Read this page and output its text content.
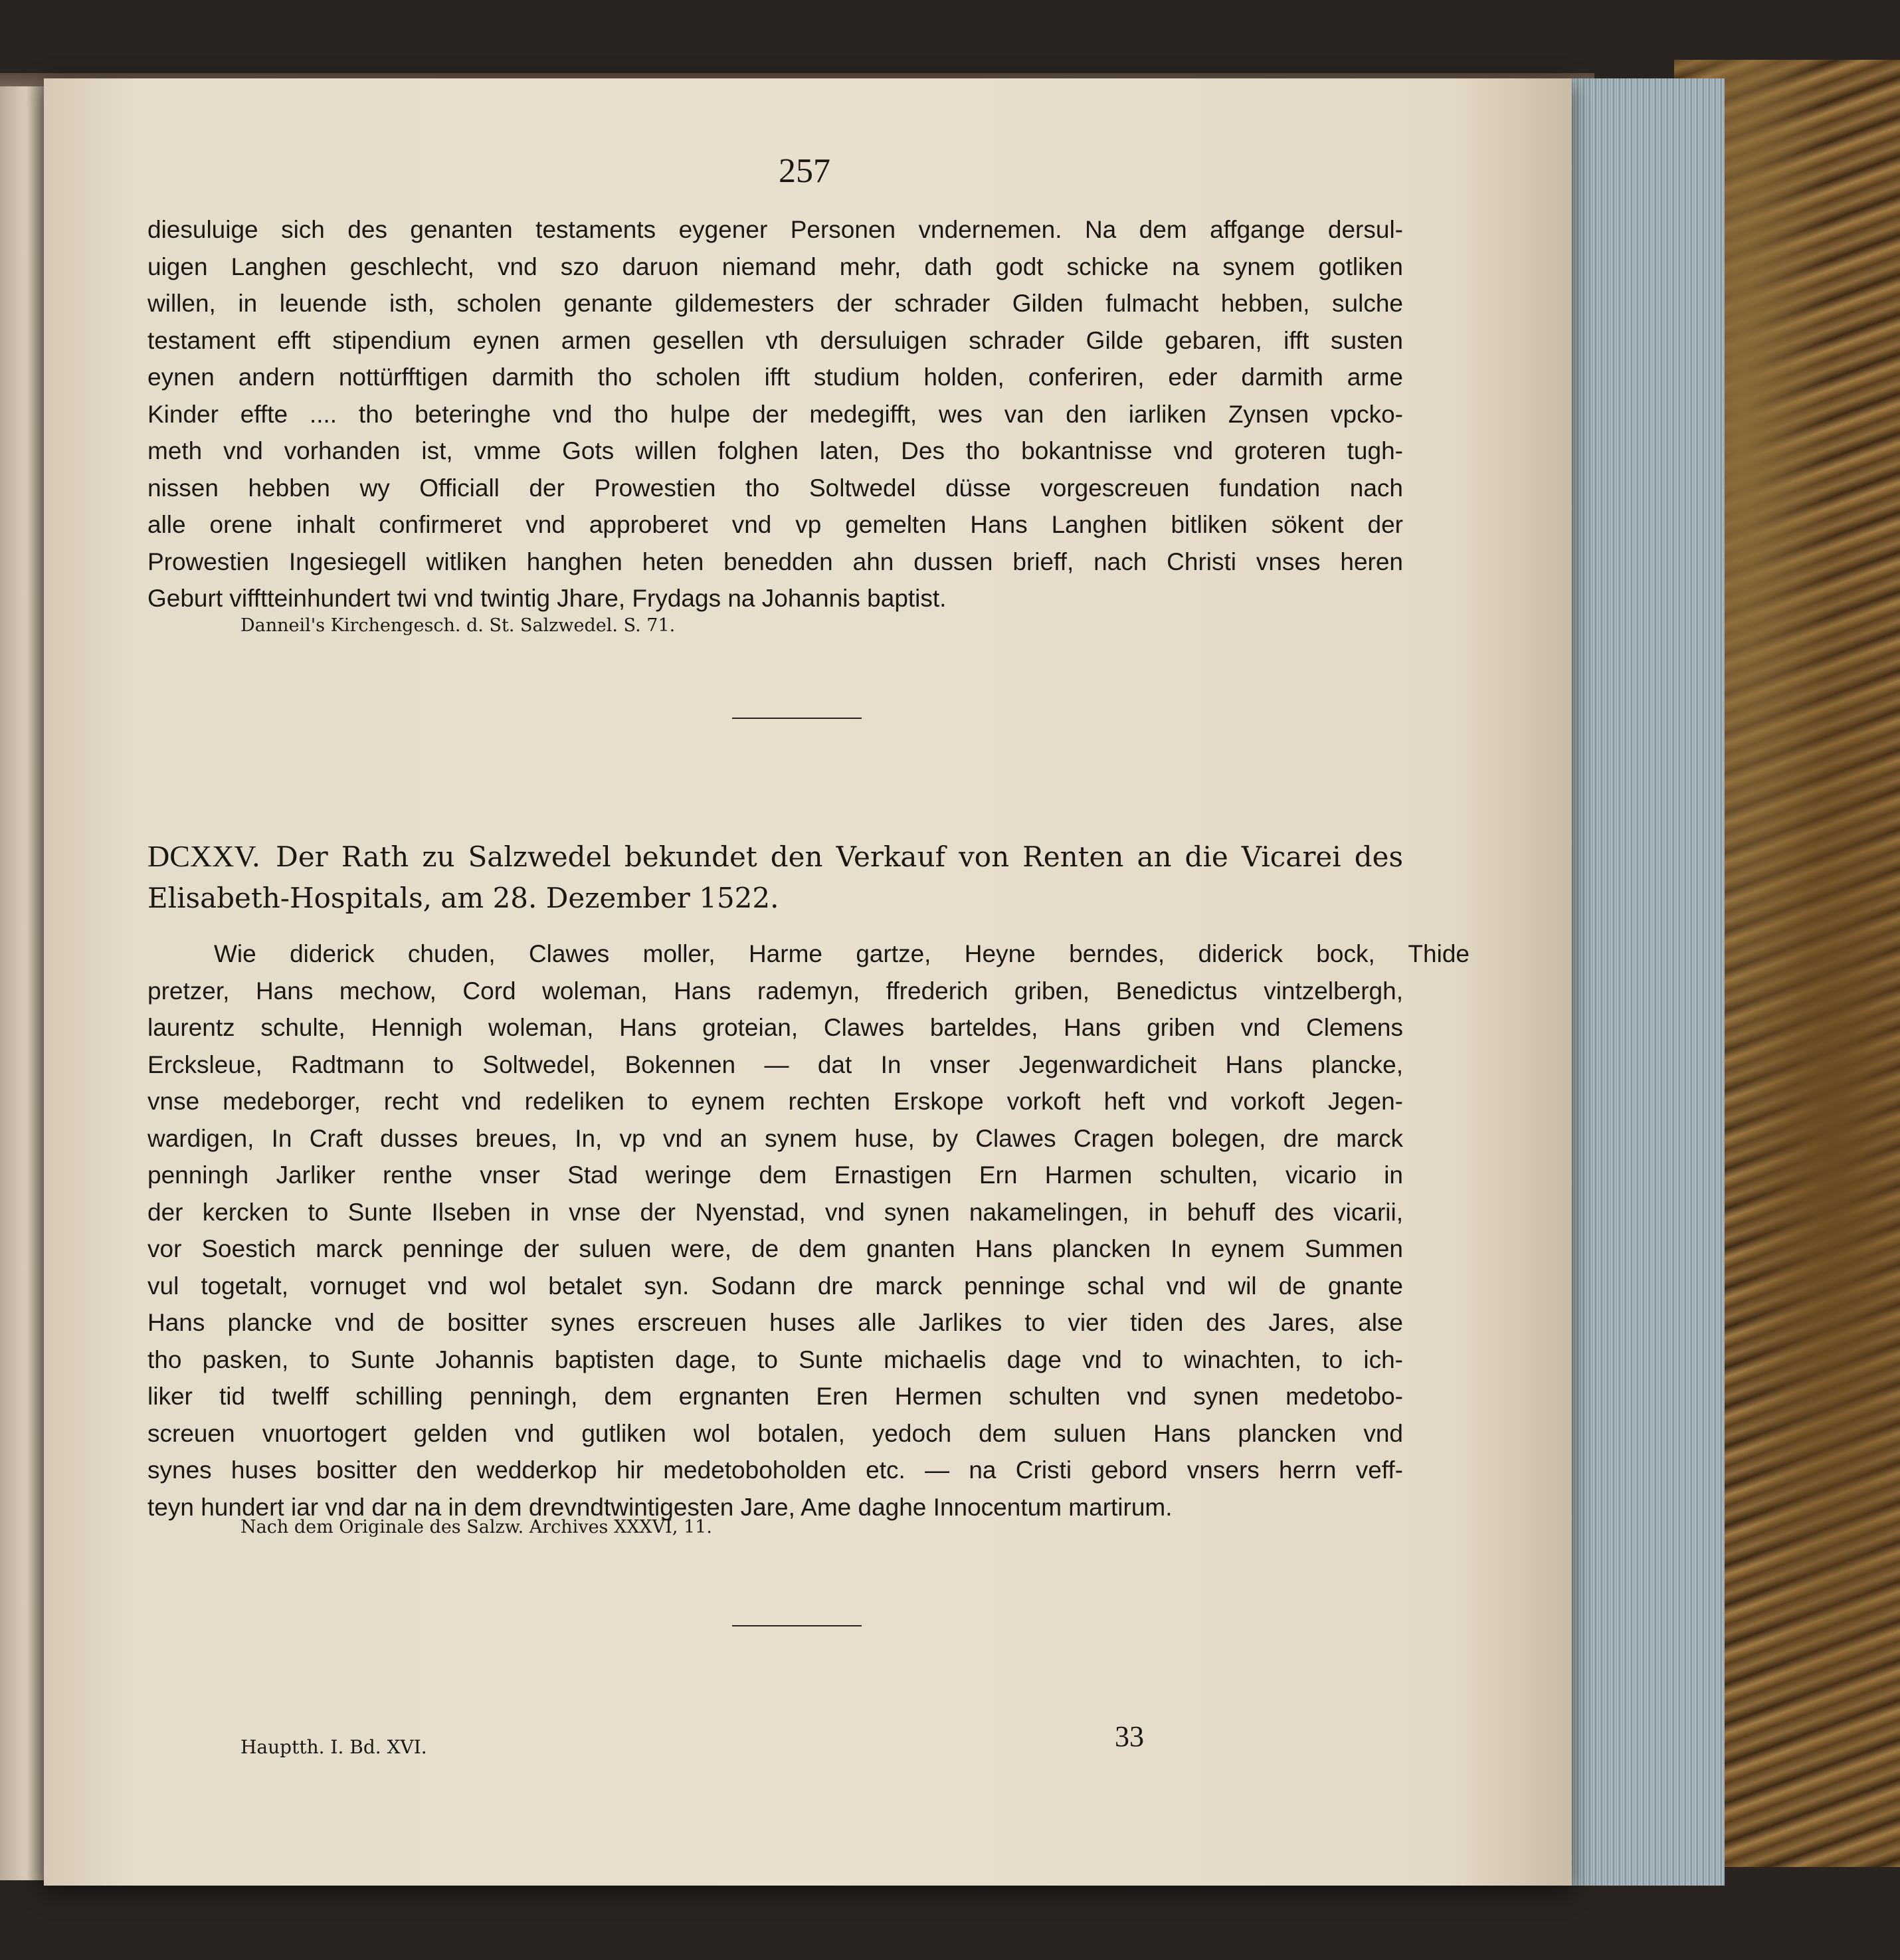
257
diesuluige sich des genanten testaments eygener Personen vndernemen. Na dem affgange dersul-
uigen Langhen geschlecht, vnd szo daruon niemand mehr, dath godt schicke na synem gotliken
willen, in leuende isth, scholen genante gildemesters der schrader Gilden fulmacht hebben, sulche
testament efft stipendium eynen armen gesellen vth dersuluigen schrader Gilde gebaren, ifft susten
eynen andern nottürfftigen darmith tho scholen ifft studium holden, conferiren, eder darmith arme
Kinder effte .... tho beteringhe vnd tho hulpe der medegifft, wes van den iarliken Zynsen vpcko-
meth vnd vorhanden ist, vmme Gots willen folghen laten, Des tho bokantnisse vnd groteren tugh-
nissen hebben wy Officiall der Prowestien tho Soltwedel düsse vorgescreuen fundation nach
alle orene inhalt confirmeret vnd approberet vnd vp gemelten Hans Langhen bitliken sökent der
Prowestien Ingesiegell witliken hanghen heten benedden ahn dussen brieff, nach Christi vnses heren
Geburt vifftteinhundert twi vnd twintig Jhare, Frydags na Johannis baptist.
Danneil's Kirchengesch. d. St. Salzwedel. S. 71.
DCXXV. Der Rath zu Salzwedel bekundet den Verkauf von Renten an die Vicarei des
Elisabeth-Hospitals, am 28. Dezember 1522.
Wie diderick chuden, Clawes moller, Harme gartze, Heyne berndes, diderick bock, Thide
pretzer, Hans mechow, Cord woleman, Hans rademyn, ffrederich griben, Benedictus vintzelbergh,
laurentz schulte, Hennigh woleman, Hans groteian, Clawes barteldes, Hans griben vnd Clemens
Ercksleue, Radtmann to Soltwedel, Bokennen — dat In vnser Jegenwardicheit Hans plancke,
vnse medeborger, recht vnd redeliken to eynem rechten Erskope vorkoft heft vnd vorkoft Jegen-
wardigen, In Craft dusses breues, In, vp vnd an synem huse, by Clawes Cragen bolegen, dre marck
penningh Jarliker renthe vnser Stad weringe dem Ernastigen Ern Harmen schulten, vicario in
der kercken to Sunte Ilseben in vnse der Nyenstad, vnd synen nakamelingen, in behuff des vicarii,
vor Soestich marck penninge der suluen were, de dem gnanten Hans plancken In eynem Summen
vul togetalt, vornuget vnd wol betalet syn. Sodann dre marck penninge schal vnd wil de gnante
Hans plancke vnd de bositter synes erscreuen huses alle Jarlikes to vier tiden des Jares, alse
tho pasken, to Sunte Johannis baptisten dage, to Sunte michaelis dage vnd to winachten, to ich-
liker tid twelff schilling penningh, dem ergnanten Eren Hermen schulten vnd synen medetobo-
screuen vnuortogert gelden vnd gutliken wol botalen, yedoch dem suluen Hans plancken vnd
synes huses bositter den wedderkop hir medetoboholden etc. — na Cristi gebord vnsers herrn veff-
teyn hundert iar vnd dar na in dem drevndtwintigesten Jare, Ame daghe Innocentum martirum.
Nach dem Originale des Salzw. Archives XXXVI, 11.
Hauptth. I. Bd. XVI.	33
